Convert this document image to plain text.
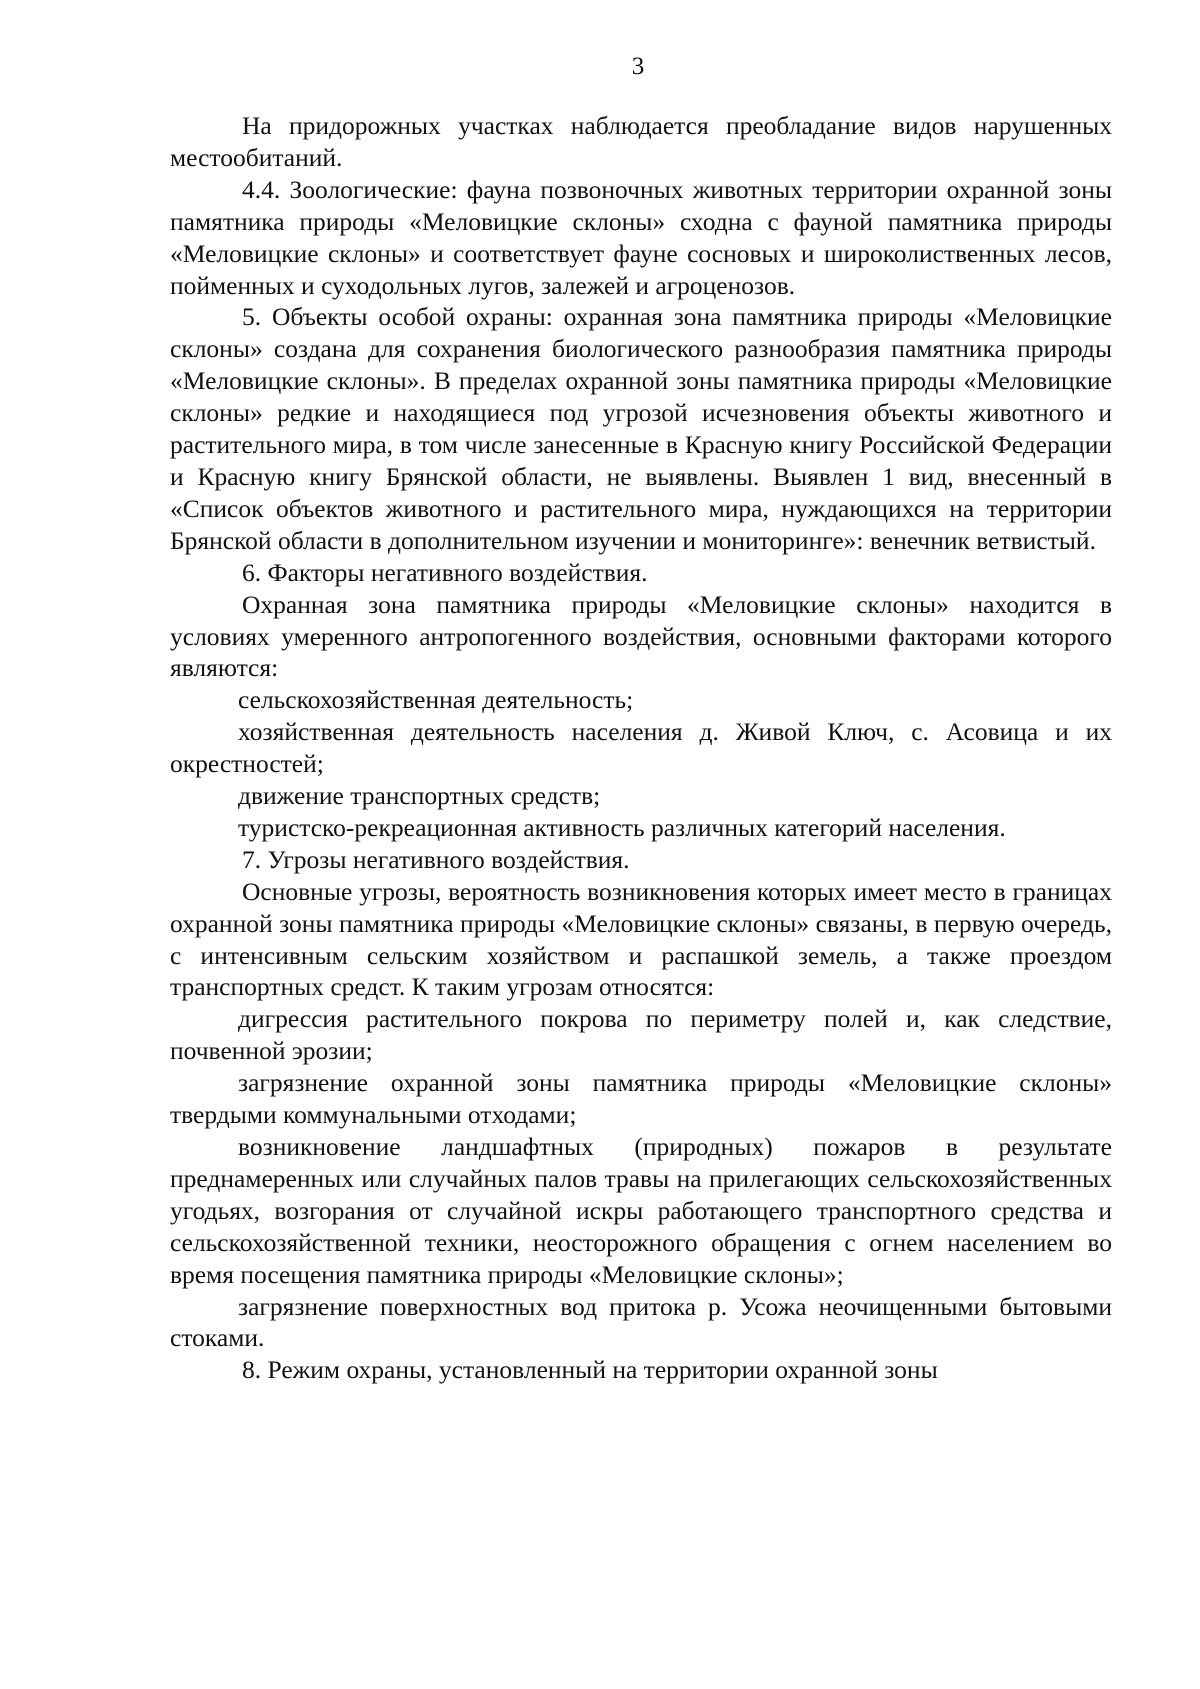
3

На придорожных участках наблюдается преобладание видов нарушенных местообитаний.

4.4. Зоологические: фауна позвоночных животных территории охранной зоны памятника природы «Меловицкие склоны» сходна с фауной памятника природы «Меловицкие склоны» и соответствует фауне сосновых и широколиственных лесов, пойменных и суходольных лугов, залежей и агроценозов.

5. Объекты особой охраны: охранная зона памятника природы «Меловицкие склоны» создана для сохранения биологического разнообразия памятника природы «Меловицкие склоны». В пределах охранной зоны памятника природы «Меловицкие склоны» редкие и находящиеся под угрозой исчезновения объекты животного и растительного мира, в том числе занесенные в Красную книгу Российской Федерации и Красную книгу Брянской области, не выявлены. Выявлен 1 вид, внесенный в «Список объектов животного и растительного мира, нуждающихся на территории Брянской области в дополнительном изучении и мониторинге»: венечник ветвистый.

6. Факторы негативного воздействия.

Охранная зона памятника природы «Меловицкие склоны» находится в условиях умеренного антропогенного воздействия, основными факторами которого являются:

сельскохозяйственная деятельность;

хозяйственная деятельность населения д. Живой Ключ, с. Асовица и их окрестностей;

движение транспортных средств;

туристско-рекреационная активность различных категорий населения.

7. Угрозы негативного воздействия.

Основные угрозы, вероятность возникновения которых имеет место в границах охранной зоны памятника природы «Меловицкие склоны» связаны, в первую очередь, с интенсивным сельским хозяйством и распашкой земель, а также проездом транспортных средст. К таким угрозам относятся:

дигрессия растительного покрова по периметру полей и, как следствие, почвенной эрозии;

загрязнение охранной зоны памятника природы «Меловицкие склоны» твердыми коммунальными отходами;

возникновение ландшафтных (природных) пожаров в результате преднамеренных или случайных палов травы на прилегающих сельскохозяйственных угодьях, возгорания от случайной искры работающего транспортного средства и сельскохозяйственной техники, неосторожного обращения с огнем населением во время посещения памятника природы «Меловицкие склоны»;

загрязнение поверхностных вод притока р. Усожа неочищенными бытовыми стоками.

8. Режим охраны, установленный на территории охранной зоны
